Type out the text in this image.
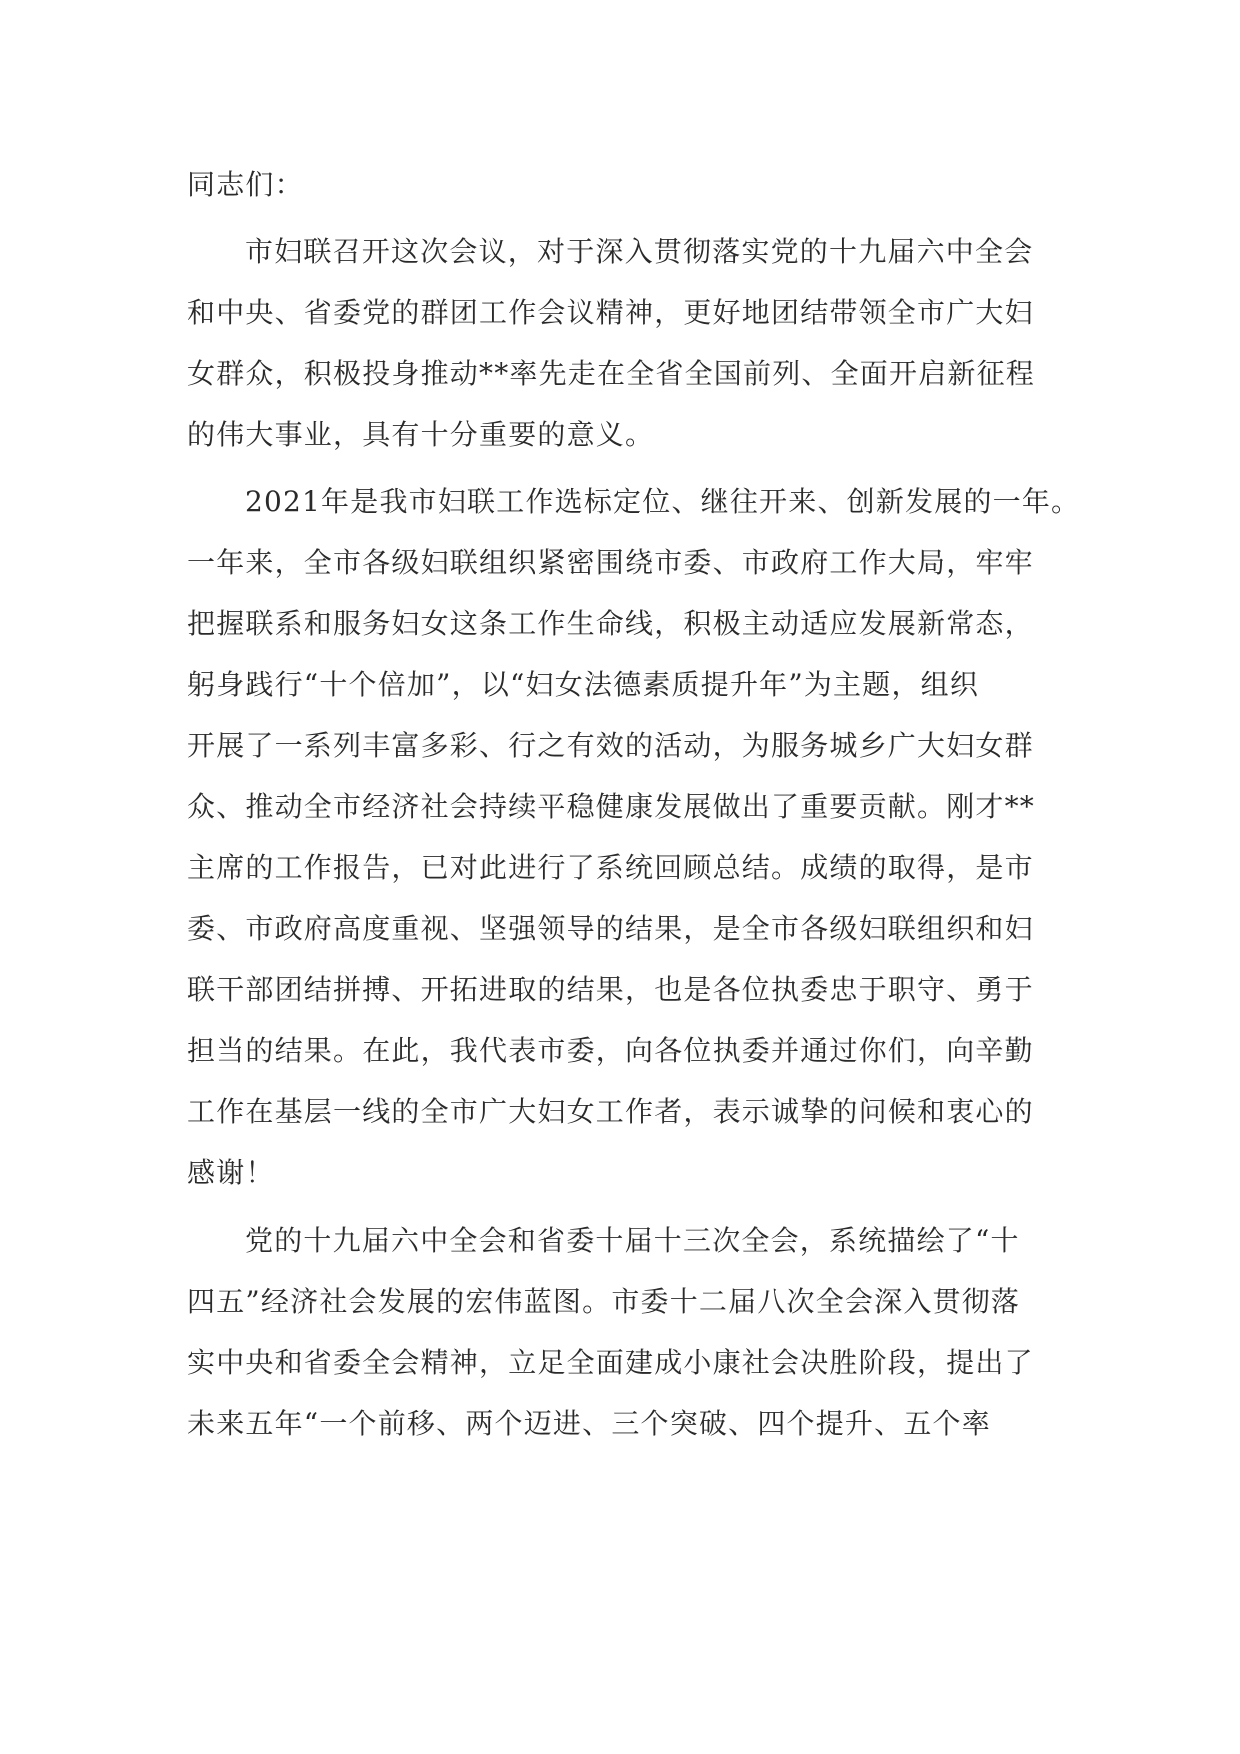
同志们：
市妇联召开这次会议，对于深入贯彻落实党的十九届六中全会
和中央、省委党的群团工作会议精神，更好地团结带领全市广大妇
女群众，积极投身推动**率先走在全省全国前列、全面开启新征程
的伟大事业，具有十分重要的意义。
2021年是我市妇联工作选标定位、继往开来、创新发展的一年。
一年来，全市各级妇联组织紧密围绕市委、市政府工作大局，牢牢
把握联系和服务妇女这条工作生命线，积极主动适应发展新常态，
躬身践行“十个倍加”，以“妇女法德素质提升年”为主题，组织
开展了一系列丰富多彩、行之有效的活动，为服务城乡广大妇女群
众、推动全市经济社会持续平稳健康发展做出了重要贡献。刚才**
主席的工作报告，已对此进行了系统回顾总结。成绩的取得，是市
委、市政府高度重视、坚强领导的结果，是全市各级妇联组织和妇
联干部团结拼搏、开拓进取的结果，也是各位执委忠于职守、勇于
担当的结果。在此，我代表市委，向各位执委并通过你们，向辛勤
工作在基层一线的全市广大妇女工作者，表示诚挚的问候和衷心的
感谢！
党的十九届六中全会和省委十届十三次全会，系统描绘了“十
四五”经济社会发展的宏伟蓝图。市委十二届八次全会深入贯彻落
实中央和省委全会精神，立足全面建成小康社会决胜阶段，提出了
未来五年“一个前移、两个迈进、三个突破、四个提升、五个率
